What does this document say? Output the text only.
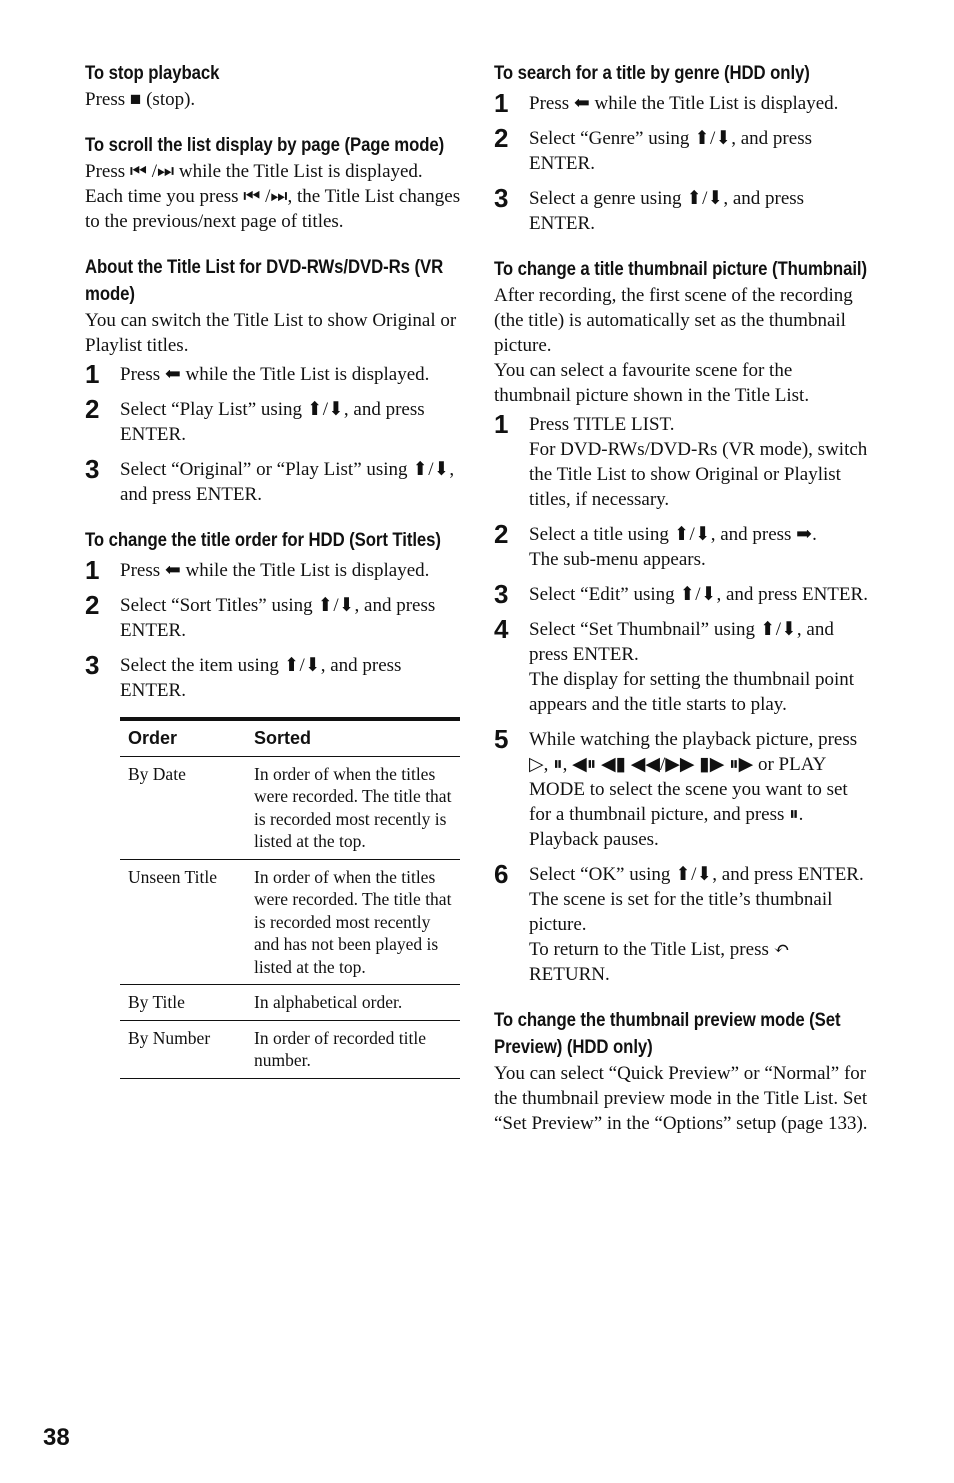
To stop playback

Press ■ (stop).

To scroll the list display by page (Page mode)

Press ⏮ /⏭ while the Title List is displayed. Each time you press ⏮ /⏭, the Title List changes to the previous/next page of titles.

About the Title List for DVD-RWs/DVD-Rs (VR mode)

You can switch the Title List to show Original or Playlist titles.

1 Press ⬅ while the Title List is displayed.
2 Select “Play List” using ⬆/⬇, and press ENTER.
3 Select “Original” or “Play List” using ⬆/⬇, and press ENTER.
To change the title order for HDD (Sort Titles)
1 Press ⬅ while the Title List is displayed.
2 Select “Sort Titles” using ⬆/⬇, and press ENTER.
3 Select the item using ⬆/⬇, and press ENTER.
Order	Sorted
By Date	In order of when the titles were recorded. The title that is recorded most recently is listed at the top.
Unseen Title	In order of when the titles were recorded. The title that is recorded most recently and has not been played is listed at the top.
By Title	In alphabetical order.
By Number	In order of recorded title number.
To search for a title by genre (HDD only)
1 Press ⬅ while the Title List is displayed.
2 Select “Genre” using ⬆/⬇, and press ENTER.
3 Select a genre using ⬆/⬇, and press ENTER.
To change a title thumbnail picture (Thumbnail)

After recording, the first scene of the recording (the title) is automatically set as the thumbnail picture.

You can select a favourite scene for the thumbnail picture shown in the Title List.

1 Press TITLE LIST.
For DVD-RWs/DVD-Rs (VR mode), switch the Title List to show Original or Playlist titles, if necessary.
2 Select a title using ⬆/⬇, and press ➡.
The sub-menu appears.
3 Select “Edit” using ⬆/⬇, and press ENTER.
4 Select “Set Thumbnail” using ⬆/⬇, and press ENTER.
The display for setting the thumbnail point appears and the title starts to play.
5 While watching the playback picture, press ▷, ⏸, ◀⏸ ◀▮ ◀◀/▶▶ ▮▶ ⏸▶ or PLAY MODE to select the scene you want to set for a thumbnail picture, and press ⏸.
Playback pauses.
6 Select “OK” using ⬆/⬇, and press ENTER.
The scene is set for the title’s thumbnail picture.
To return to the Title List, press ↶ RETURN.
To change the thumbnail preview mode (Set Preview) (HDD only)

You can select “Quick Preview” or “Normal” for the thumbnail preview mode in the Title List. Set “Set Preview” in the “Options” setup (page 133).

38
